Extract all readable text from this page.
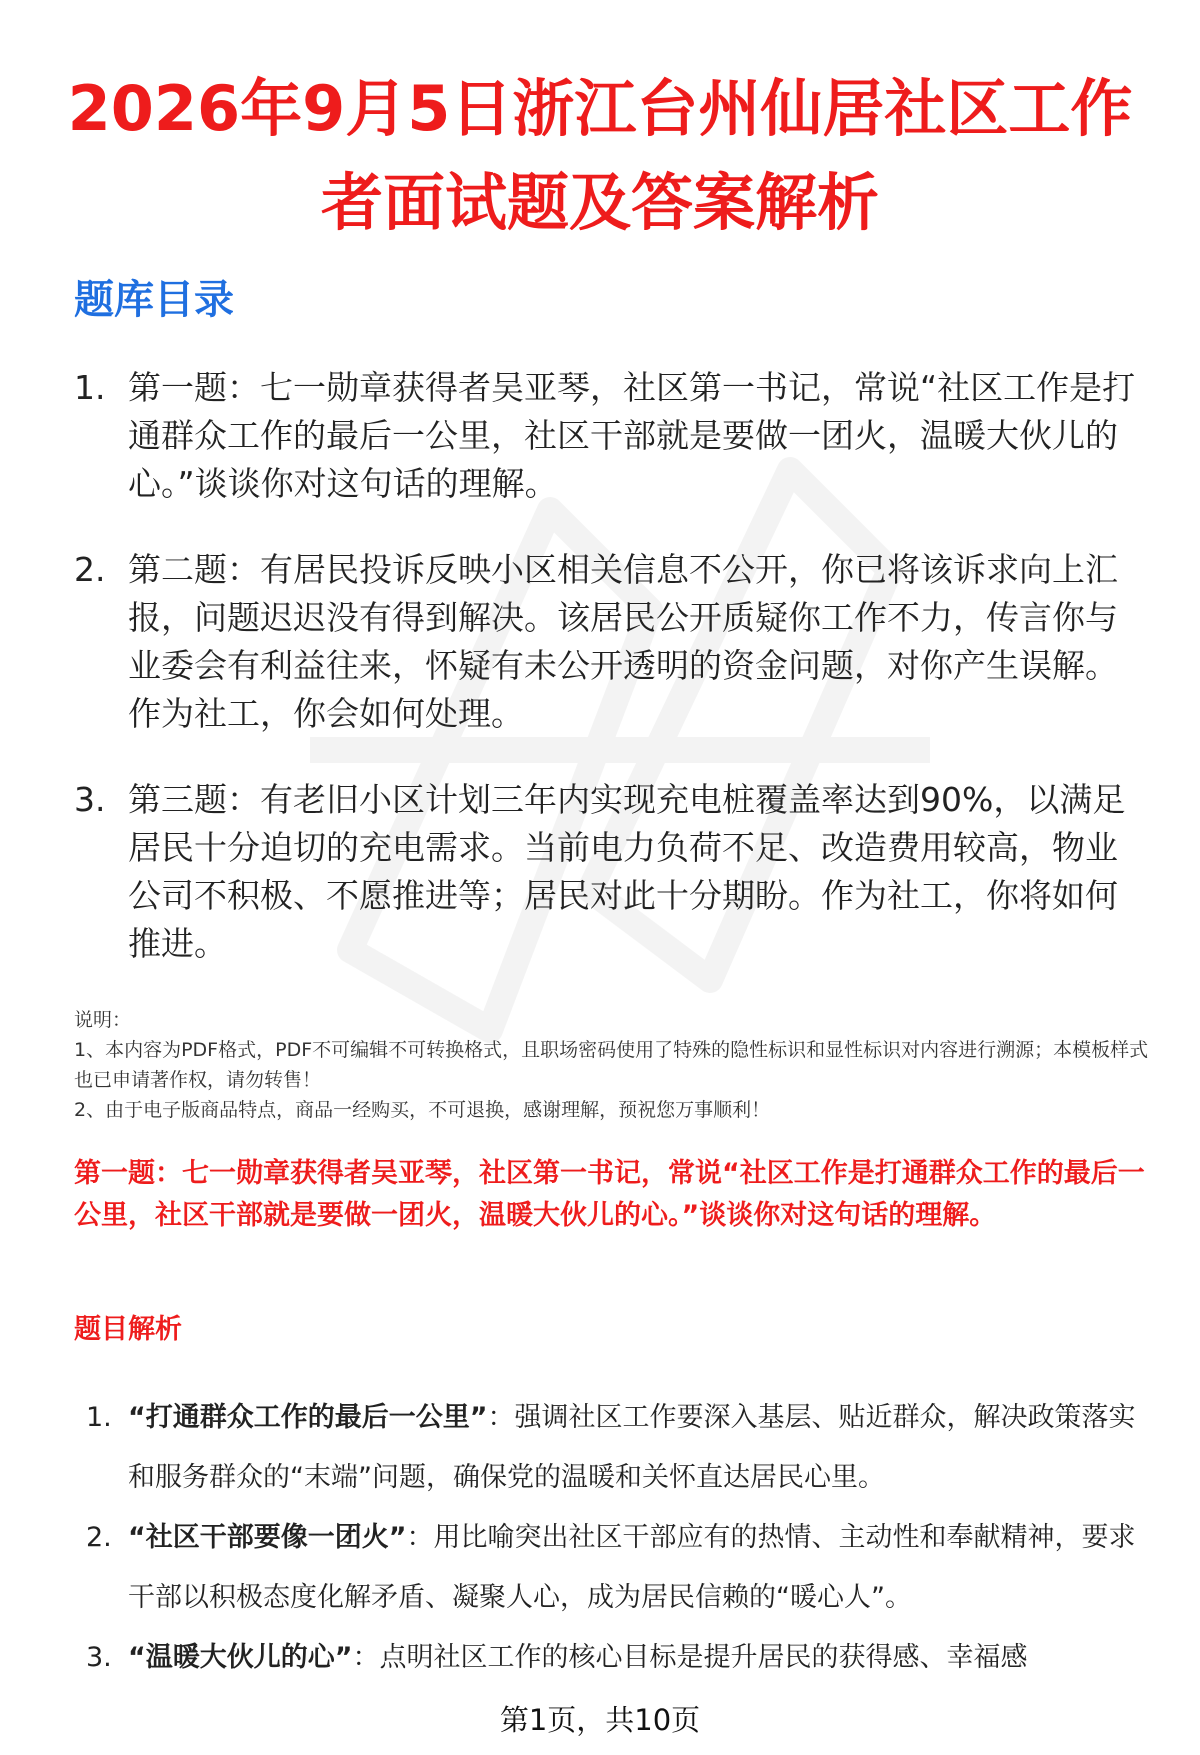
2026年9月5日浙江台州仙居社区工作者面试题及答案解析
题库目录
1. 第一题：七一勋章获得者吴亚琴，社区第一书记，常说“社区工作是打通群众工作的最后一公里，社区干部就是要做一团火，温暖大伙儿的心。”谈谈你对这句话的理解。
2. 第二题：有居民投诉反映小区相关信息不公开，你已将该诉求向上汇报，问题迟迟没有得到解决。该居民公开质疑你工作不力，传言你与业委会有利益往来，怀疑有未公开透明的资金问题，对你产生误解。作为社工，你会如何处理。
3. 第三题：有老旧小区计划三年内实现充电桩覆盖率达到90%，以满足居民十分迫切的充电需求。当前电力负荷不足、改造费用较高，物业公司不积极、不愿推进等；居民对此十分期盼。作为社工，你将如何推进。

说明：

1、本内容为PDF格式，PDF不可编辑不可转换格式，且职场密码使用了特殊的隐性标识和显性标识对内容进行溯源；本模板样式也已申请著作权，请勿转售！

2、由于电子版商品特点，商品一经购买，不可退换，感谢理解，预祝您万事顺利！

第一题：七一勋章获得者吴亚琴，社区第一书记，常说“社区工作是打通群众工作的最后一公里，社区干部就是要做一团火，温暖大伙儿的心。”谈谈你对这句话的理解。
题目解析
1. “打通群众工作的最后一公里”：强调社区工作要深入基层、贴近群众，解决政策落实和服务群众的“末端”问题，确保党的温暖和关怀直达居民心里。
2. “社区干部要像一团火”：用比喻突出社区干部应有的热情、主动性和奉献精神，要求干部以积极态度化解矛盾、凝聚人心，成为居民信赖的“暖心人”。
3. “温暖大伙儿的心”：点明社区工作的核心目标是提升居民的获得感、幸福感
第1页，共10页
